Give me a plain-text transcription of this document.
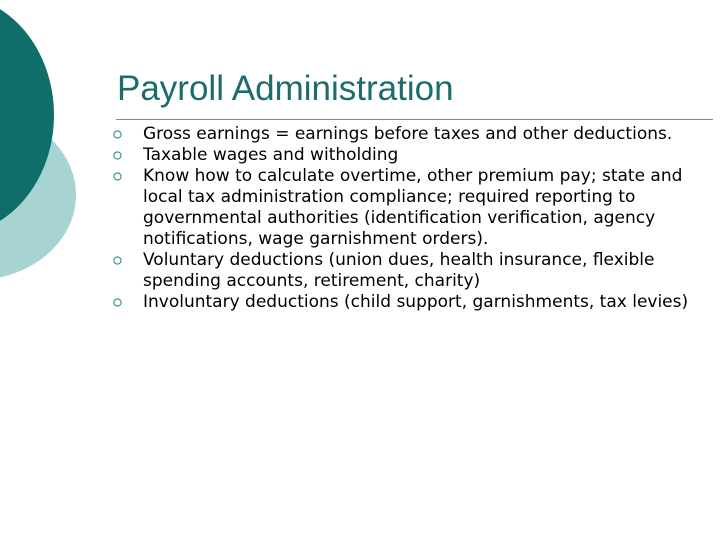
Payroll Administration
Gross earnings = earnings before taxes and other deductions.
Taxable wages and witholding
Know how to calculate overtime, other premium pay; state and local tax administration compliance; required reporting to governmental authorities (identification verification, agency notifications, wage garnishment orders).
Voluntary deductions (union dues, health insurance, flexible spending accounts, retirement, charity)
Involuntary deductions (child support, garnishments, tax levies)
